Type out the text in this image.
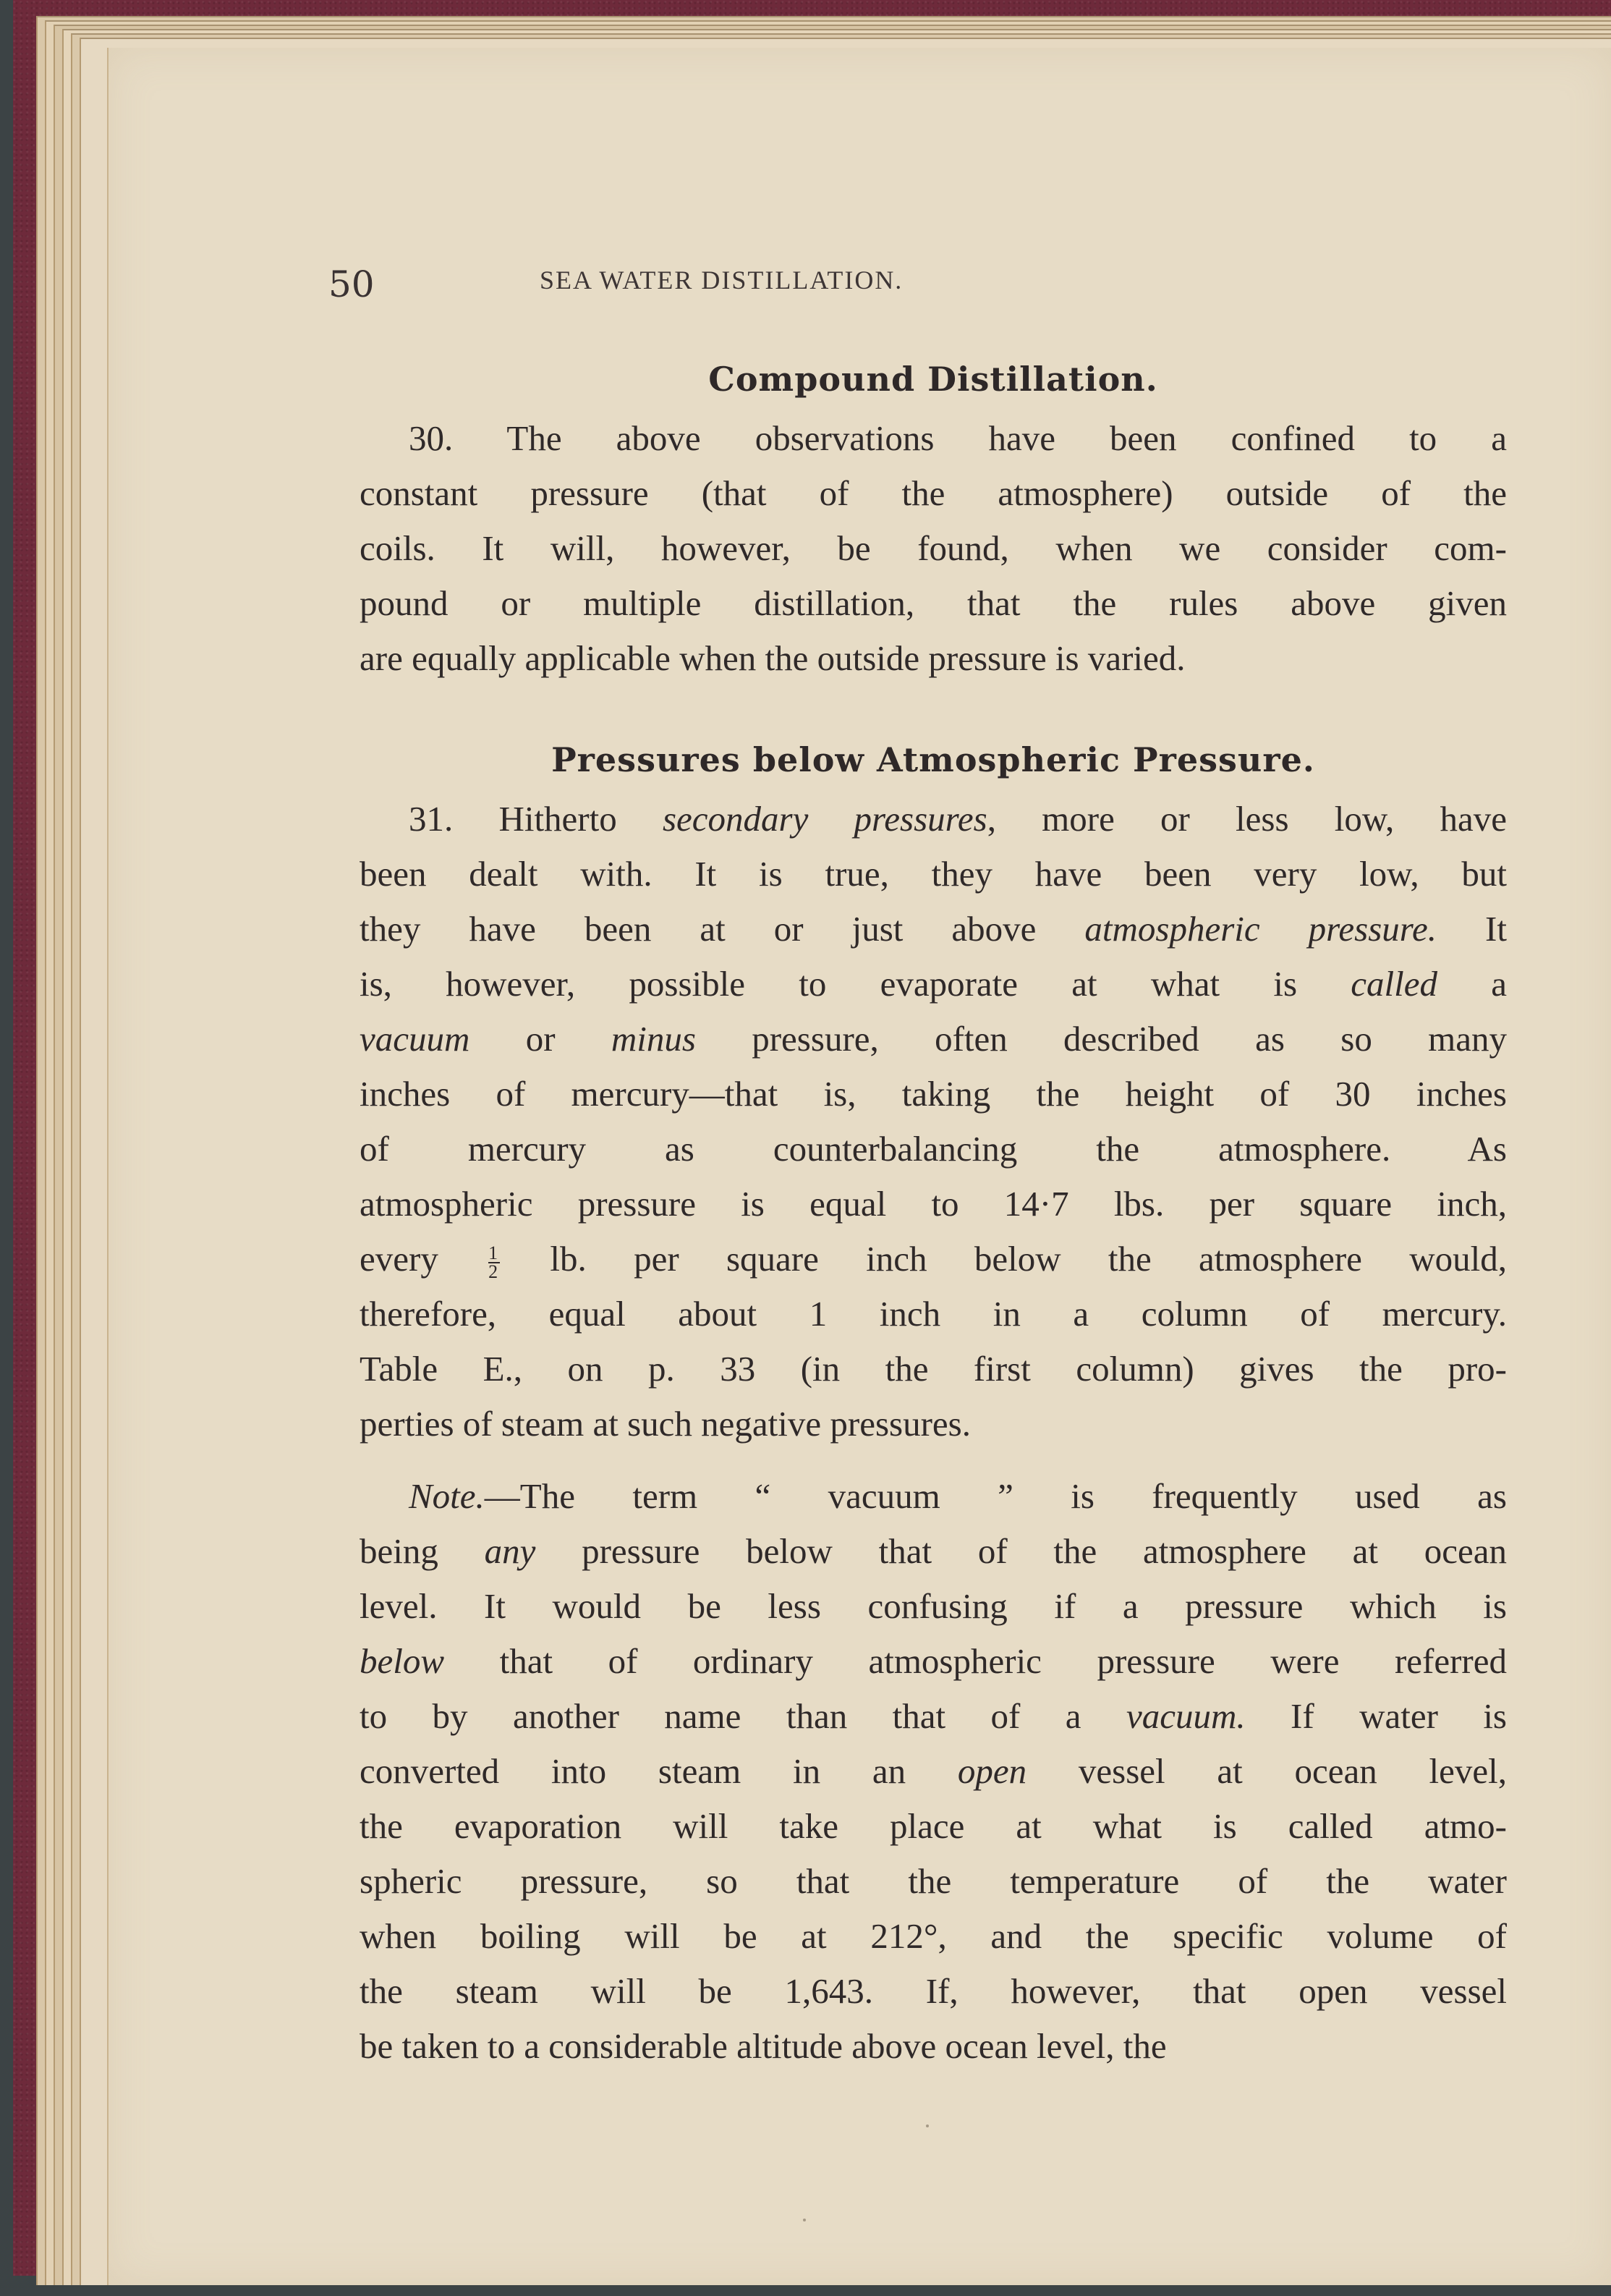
50	SEA WATER DISTILLATION.
Compound Distillation.
30. The above observations have been confined to a
constant pressure (that of the atmosphere) outside of the
coils. It will, however, be found, when we consider com-
pound or multiple distillation, that the rules above given
are equally applicable when the outside pressure is varied.
Pressures below Atmospheric Pressure.
31. Hitherto secondary pressures, more or less low, have
been dealt with. It is true, they have been very low, but
they have been at or just above atmospheric pressure. It
is, however, possible to evaporate at what is called a
vacuum or minus pressure, often described as so many
inches of mercury—that is, taking the height of 30 inches
of mercury as counterbalancing the atmosphere. As
atmospheric pressure is equal to 14·7 lbs. per square inch,
every $\frac{1}{2}$ lb. per square inch below the atmosphere would,
therefore, equal about 1 inch in a column of mercury.
Table E., on p. 33 (in the first column) gives the pro-
perties of steam at such negative pressures.
Note.—The term “ vacuum ” is frequently used as
being any pressure below that of the atmosphere at ocean
level. It would be less confusing if a pressure which is
below that of ordinary atmospheric pressure were referred
to by another name than that of a vacuum. If water is
converted into steam in an open vessel at ocean level,
the evaporation will take place at what is called atmo-
spheric pressure, so that the temperature of the water
when boiling will be at 212°, and the specific volume of
the steam will be 1,643. If, however, that open vessel
be taken to a considerable altitude above ocean level, the
